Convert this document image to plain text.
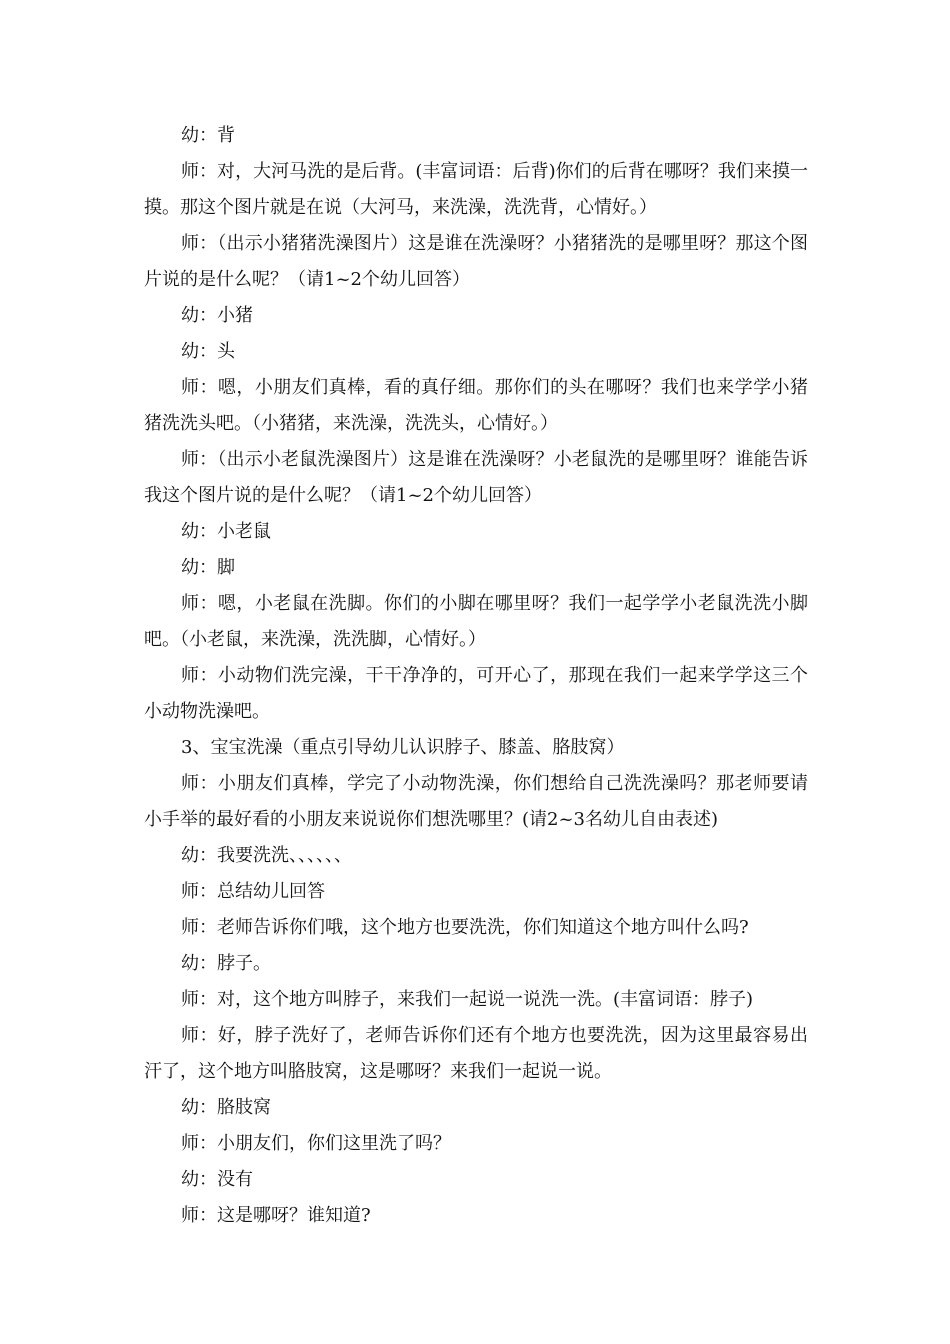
幼：背

师：对，大河马洗的是后背。(丰富词语：后背)你们的后背在哪呀？我们来摸一摸。那这个图片就是在说（大河马，来洗澡，洗洗背，心情好。）

师：（出示小猪猪洗澡图片）这是谁在洗澡呀？小猪猪洗的是哪里呀？那这个图片说的是什么呢？（请1~2个幼儿回答）

幼：小猪

幼：头

师：嗯，小朋友们真棒，看的真仔细。那你们的头在哪呀？我们也来学学小猪猪洗洗头吧。（小猪猪，来洗澡，洗洗头，心情好。）

师：（出示小老鼠洗澡图片）这是谁在洗澡呀？小老鼠洗的是哪里呀？谁能告诉我这个图片说的是什么呢？（请1~2个幼儿回答）

幼：小老鼠

幼：脚

师：嗯，小老鼠在洗脚。你们的小脚在哪里呀？我们一起学学小老鼠洗洗小脚吧。（小老鼠，来洗澡，洗洗脚，心情好。）

师：小动物们洗完澡，干干净净的，可开心了，那现在我们一起来学学这三个小动物洗澡吧。

3、宝宝洗澡（重点引导幼儿认识脖子、膝盖、胳肢窝）

师：小朋友们真棒，学完了小动物洗澡，你们想给自己洗洗澡吗？那老师要请小手举的最好看的小朋友来说说你们想洗哪里？(请2~3名幼儿自由表述)

幼：我要洗洗、、、、、、

师：总结幼儿回答

师：老师告诉你们哦，这个地方也要洗洗，你们知道这个地方叫什么吗?

幼：脖子。

师：对，这个地方叫脖子，来我们一起说一说洗一洗。(丰富词语：脖子)

师：好，脖子洗好了，老师告诉你们还有个地方也要洗洗，因为这里最容易出汗了，这个地方叫胳肢窝，这是哪呀？来我们一起说一说。

幼：胳肢窝

师：小朋友们，你们这里洗了吗？

幼：没有

师：这是哪呀？谁知道?
